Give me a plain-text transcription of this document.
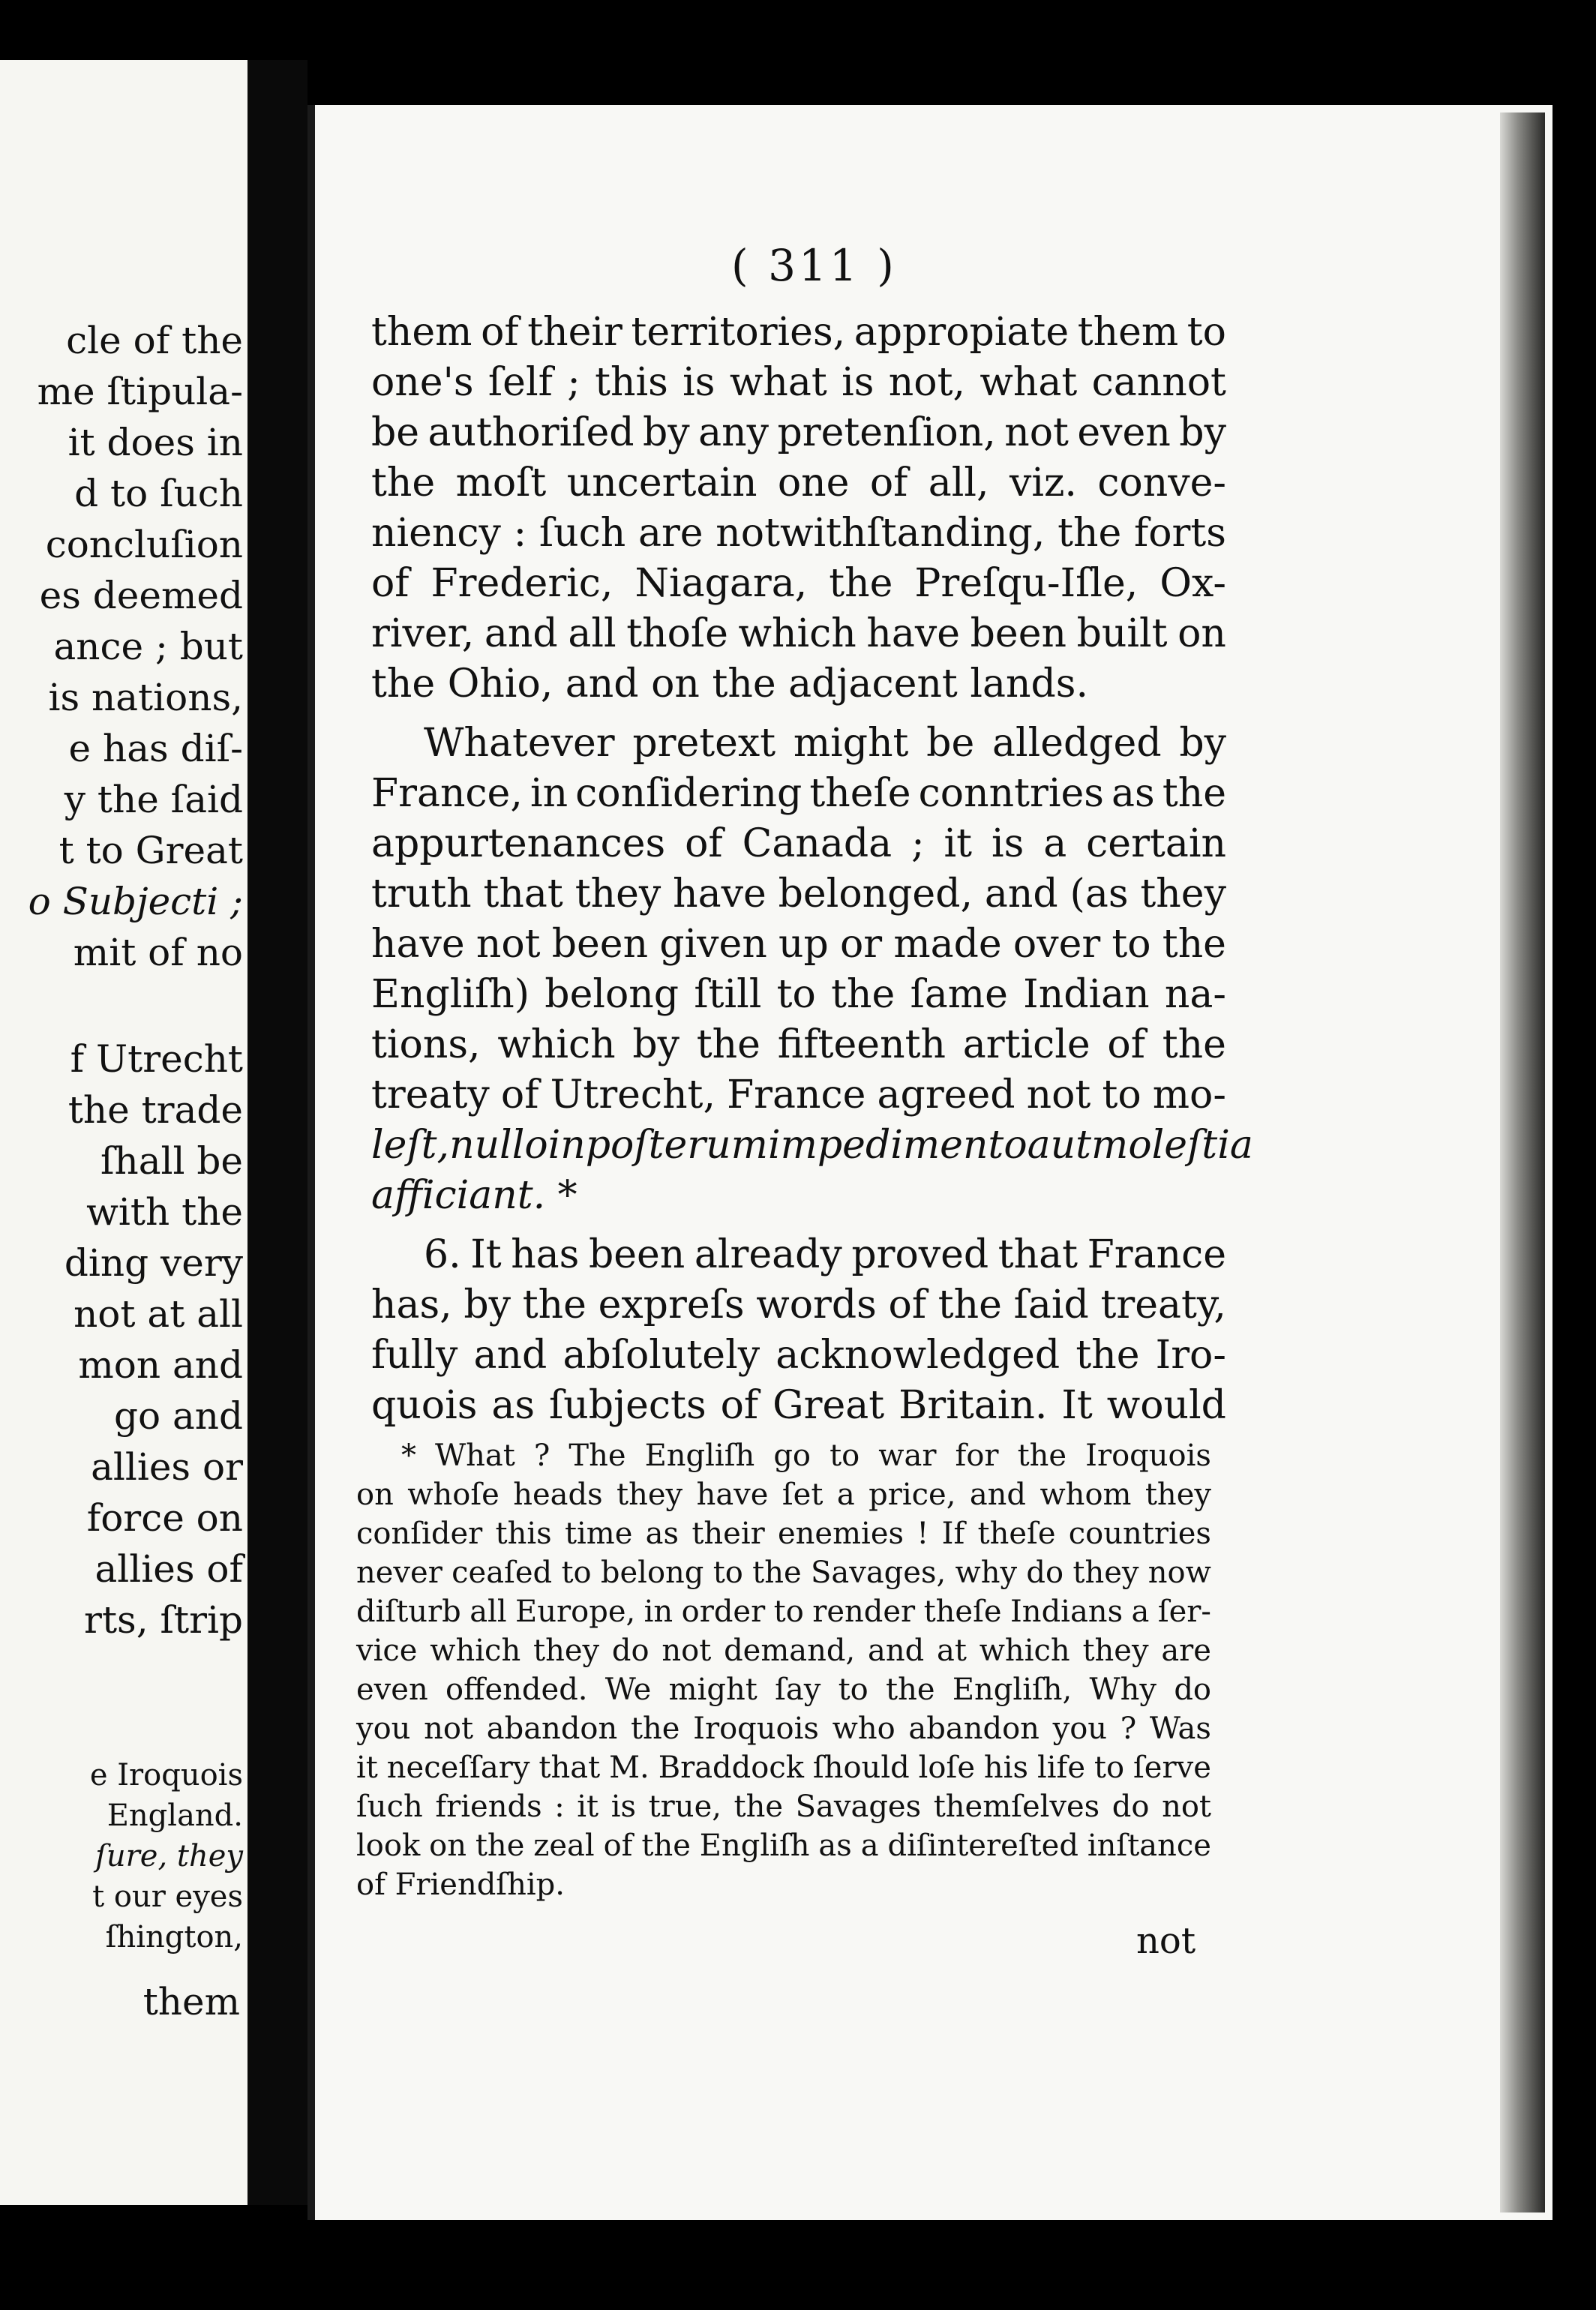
cle of the
me ſtipula-
it does in
d to ſuch
concluſion
es deemed
ance ; but
is nations,
e has diſ-
y the ſaid
t to Great
o Subjecti ;
mit of no
f Utrecht
the trade
ſhall be
with the
ding very
not at all
mon and
go and
allies or
force on
allies of
rts, ſtrip
e Iroquois
England.
ſure, they
t our eyes
ſhington,
them
( 311 )
them of their territories, appropiate them to
one's ſelf ; this is what is not, what cannot
be authoriſed by any pretenſion, not even by
the moſt uncertain one of all, viz. conve-
niency : ſuch are notwithſtanding, the forts
of Frederic, Niagara, the Preſqu-Iſle, Ox-
river, and all thoſe which have been built on
the Ohio, and on the adjacent lands.
Whatever pretext might be alledged by
France, in conſidering theſe conntries as the
appurtenances of Canada ; it is a certain
truth that they have belonged, and (as they
have not been given up or made over to the
Engliſh) belong ſtill to the ſame Indian na-
tions, which by the fifteenth article of the
treaty of Utrecht, France agreed not to mo-
leſt, nullo in poſterum impedimento aut moleſtia
afficiant. *
6. It has been already proved that France
has, by the expreſs words of the ſaid treaty,
fully and abſolutely acknowledged the Iro-
quois as ſubjects of Great Britain. It would
* What ? The Engliſh go to war for the Iroquois
on whoſe heads they have ſet a price, and whom they
conſider this time as their enemies ! If theſe countries
never ceaſed to belong to the Savages, why do they now
diſturb all Europe, in order to render theſe Indians a ſer-
vice which they do not demand, and at which they are
even offended. We might ſay to the Engliſh, Why do
you not abandon the Iroquois who abandon you ? Was
it neceſſary that M. Braddock ſhould loſe his life to ſerve
ſuch friends : it is true, the Savages themſelves do not
look on the zeal of the Engliſh as a diſintereſted inſtance
of Friendſhip.
not
